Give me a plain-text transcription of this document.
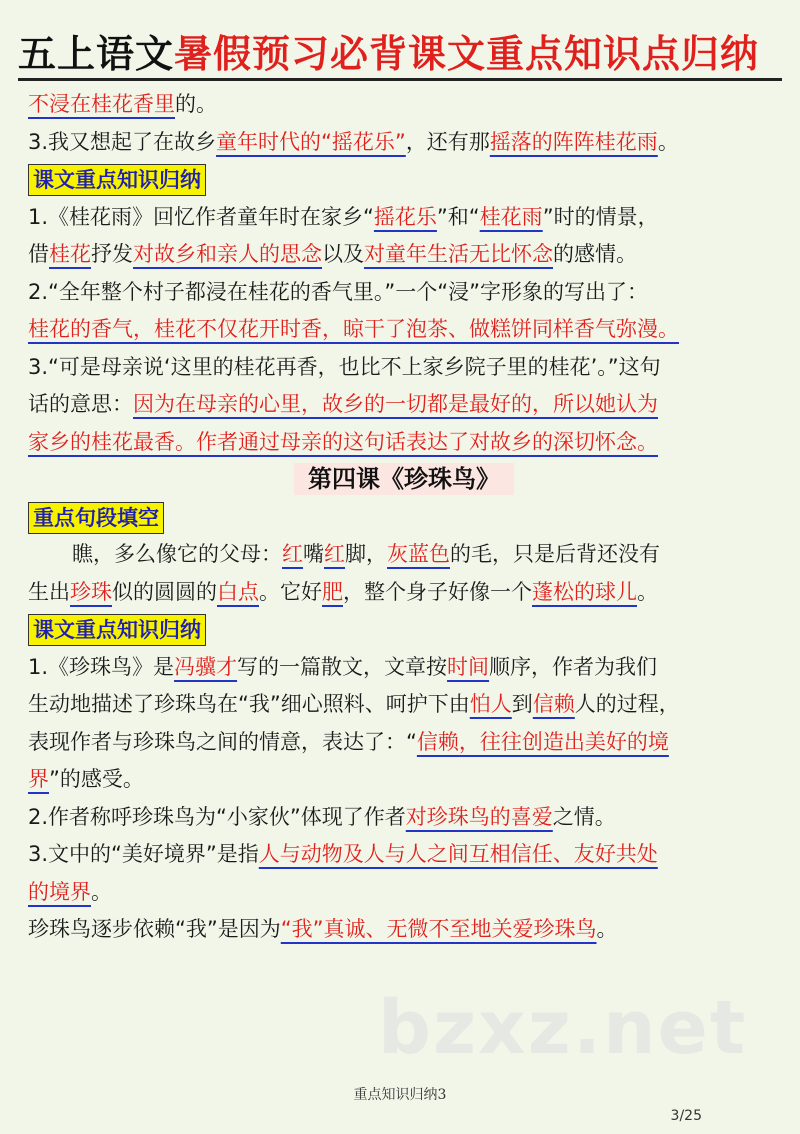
五上语文 暑假预习必背课文重点知识点归纳
不浸在桂花香里的。
3.我又想起了在故乡童年时代的“摇花乐”，还有那摇落的阵阵桂花雨。
课文重点知识归纳
1.《桂花雨》回忆作者童年时在家乡“摇花乐”和“桂花雨”时的情景，
借桂花抒发对故乡和亲人的思念以及对童年生活无比怀念的感情。
2.“全年整个村子都浸在桂花的香气里。”一个“浸”字形象的写出了：
桂花的香气，桂花不仅花开时香，晾干了泡茶、做糕饼同样香气弥漫。
3.“可是母亲说‘这里的桂花再香，也比不上家乡院子里的桂花’。”这句
话的意思：因为在母亲的心里，故乡的一切都是最好的，所以她认为
家乡的桂花最香。作者通过母亲的这句话表达了对故乡的深切怀念。
第四课《珍珠鸟》
重点句段填空
瞧，多么像它的父母：红嘴红脚，灰蓝色的毛，只是后背还没有
生出珍珠似的圆圆的白点。它好肥，整个身子好像一个蓬松的球儿。
课文重点知识归纳
1.《珍珠鸟》是冯骥才写的一篇散文，文章按时间顺序，作者为我们
生动地描述了珍珠鸟在“我”细心照料、呵护下由怕人到信赖人的过程，
表现作者与珍珠鸟之间的情意，表达了：“信赖，往往创造出美好的境
界”的感受。
2.作者称呼珍珠鸟为“小家伙”体现了作者对珍珠鸟的喜爱之情。
3.文中的“美好境界”是指人与动物及人与人之间互相信任、友好共处
的境界。
珍珠鸟逐步依赖“我”是因为“我”真诚、无微不至地关爱珍珠鸟。
bzxz.net
重点知识归纳3
3/25
